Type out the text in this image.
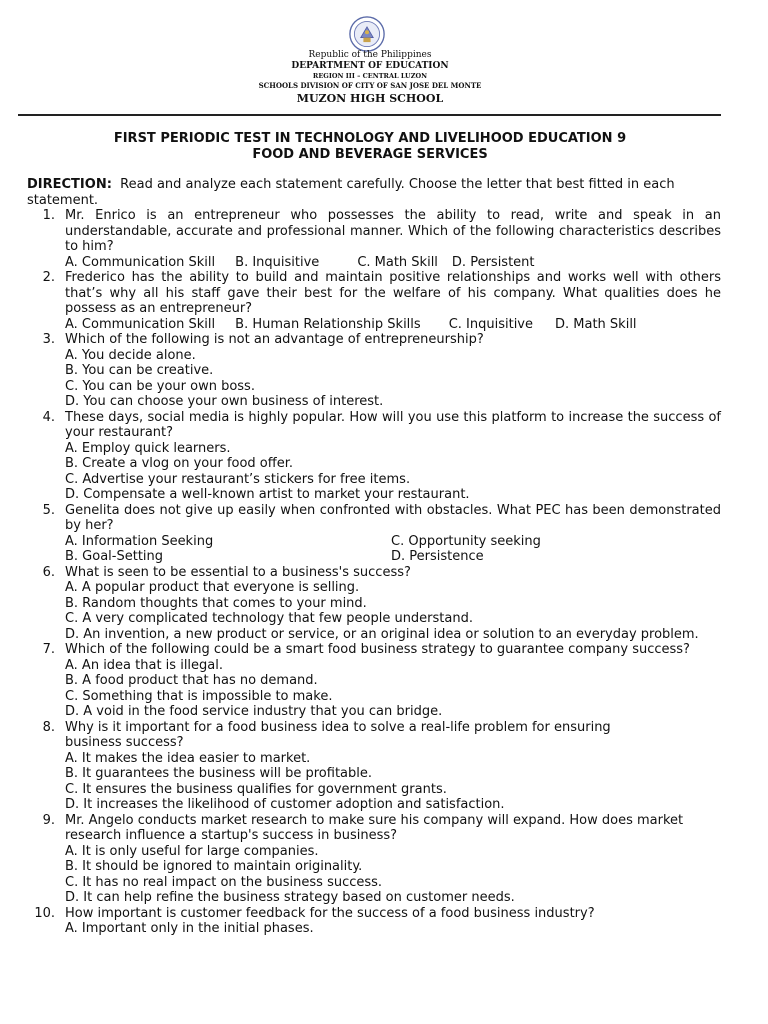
Republic of the Philippines
DEPARTMENT OF EDUCATION
REGION III – CENTRAL LUZON
SCHOOLS DIVISION OF CITY OF SAN JOSE DEL MONTE
MUZON HIGH SCHOOL
FIRST PERIODIC TEST IN TECHNOLOGY AND LIVELIHOOD EDUCATION 9
FOOD AND BEVERAGE SERVICES

DIRECTION: Read and analyze each statement carefully. Choose the letter that best fitted in each statement.

1. Mr. Enrico is an entrepreneur who possesses the ability to read, write and speak in an understandable, accurate and professional manner. Which of the following characteristics describes to him?
A. Communication Skill B. Inquisitive	C. Math Skill D. Persistent
2. Frederico has the ability to build and maintain positive relationships and works well with others that’s why all his staff gave their best for the welfare of his company. What qualities does he possess as an entrepreneur?
A. Communication Skill B. Human Relationship Skills C. Inquisitive D. Math Skill
3. Which of the following is not an advantage of entrepreneurship?
A. You decide alone.
B. You can be creative.
C. You can be your own boss.
D. You can choose your own business of interest.
4. These days, social media is highly popular. How will you use this platform to increase the success of your restaurant?
A. Employ quick learners.
B. Create a vlog on your food offer.
C. Advertise your restaurant’s stickers for free items.
D. Compensate a well-known artist to market your restaurant.
5. Genelita does not give up easily when confronted with obstacles. What PEC has been demonstrated by her?
A. Information Seeking	C. Opportunity seeking
B. Goal-Setting	D. Persistence
6. What is seen to be essential to a business's success?
A. A popular product that everyone is selling.
B. Random thoughts that comes to your mind.
C. A very complicated technology that few people understand.
D. An invention, a new product or service, or an original idea or solution to an everyday problem.
7. Which of the following could be a smart food business strategy to guarantee company success?
A. An idea that is illegal.
B. A food product that has no demand.
C. Something that is impossible to make.
D. A void in the food service industry that you can bridge.
8. Why is it important for a food business idea to solve a real-life problem for ensuring business success?
A. It makes the idea easier to market.
B. It guarantees the business will be profitable.
C. It ensures the business qualifies for government grants.
D. It increases the likelihood of customer adoption and satisfaction.
9. Mr. Angelo conducts market research to make sure his company will expand. How does market research influence a startup's success in business?
A. It is only useful for large companies.
B. It should be ignored to maintain originality.
C. It has no real impact on the business success.
D. It can help refine the business strategy based on customer needs.
10. How important is customer feedback for the success of a food business industry?
A. Important only in the initial phases.
